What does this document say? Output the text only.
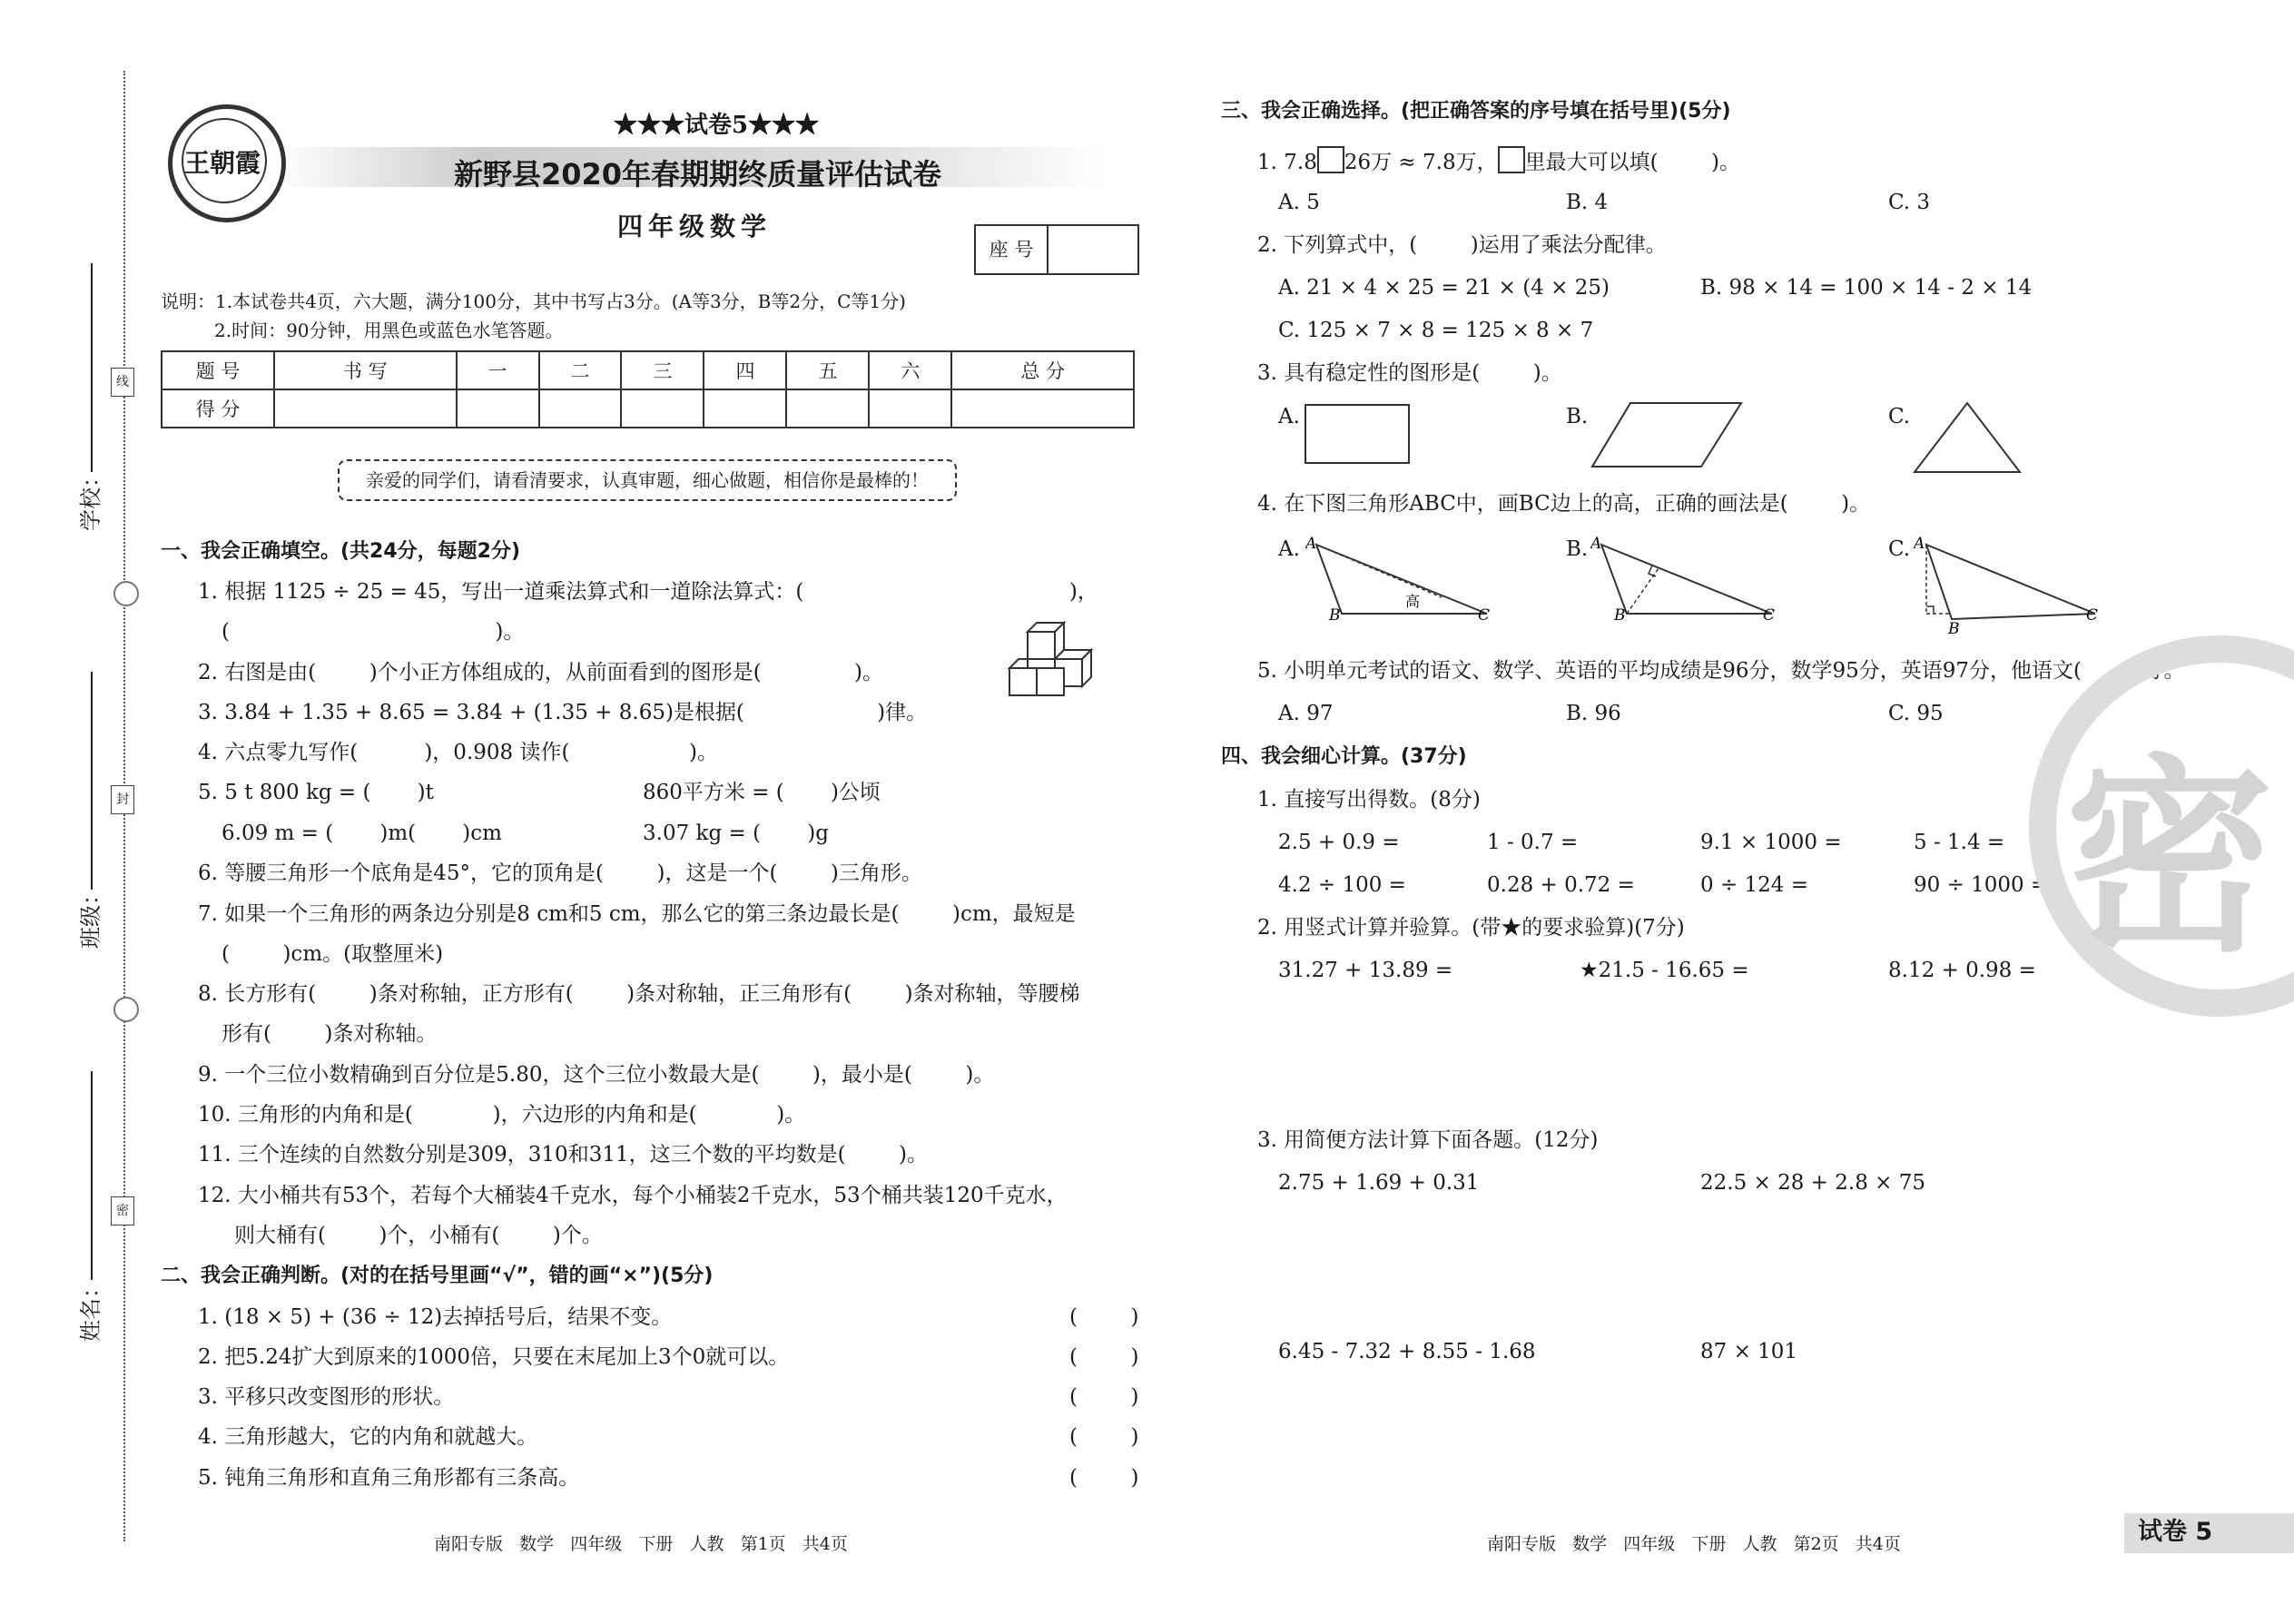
学校：
班级：
姓名：
线
封
密
王朝霞
★★★试卷5★★★
新野县2020年春期期终质量评估试卷
四年级数学
座 号
说明：1.本试卷共4页，六大题，满分100分，其中书写占3分。(A等3分，B等2分，C等1分)
2.时间：90分钟，用黑色或蓝色水笔答题。
题 号	书 写	一	二	三	四	五	六	总 分
得 分								
亲爱的同学们，请看清要求，认真审题，细心做题，相信你是最棒的！
一、我会正确填空。(共24分，每题2分)
1. 根据 1125 ÷ 25 = 45，写出一道乘法算式和一道除法算式：(                                        )，
(                                        )。
2. 右图是由(        )个小正方体组成的，从前面看到的图形是(              )。
3. 3.84 + 1.35 + 8.65 = 3.84 + (1.35 + 8.65)是根据(                    )律。
4. 六点零九写作(          )，0.908 读作(                  )。
5. 5 t 800 kg = (       )t	860平方米 = (       )公顷
6.09 m = (       )m(       )cm	3.07 kg = (       )g
6. 等腰三角形一个底角是45°，它的顶角是(        )，这是一个(        )三角形。
7. 如果一个三角形的两条边分别是8 cm和5 cm，那么它的第三条边最长是(        )cm，最短是
(        )cm。(取整厘米)
8. 长方形有(        )条对称轴，正方形有(        )条对称轴，正三角形有(        )条对称轴，等腰梯
形有(        )条对称轴。
9. 一个三位小数精确到百分位是5.80，这个三位小数最大是(        )，最小是(        )。
10. 三角形的内角和是(            )，六边形的内角和是(            )。
11. 三个连续的自然数分别是309，310和311，这三个数的平均数是(        )。
12. 大小桶共有53个，若每个大桶装4千克水，每个小桶装2千克水，53个桶共装120千克水，
则大桶有(        )个，小桶有(        )个。
二、我会正确判断。(对的在括号里画“√”，错的画“×”)(5分)
1. (18 × 5) + (36 ÷ 12)去掉括号后，结果不变。	(        )
2. 把5.24扩大到原来的1000倍，只要在末尾加上3个0就可以。	(        )
3. 平移只改变图形的形状。	(        )
4. 三角形越大，它的内角和就越大。	(        )
5. 钝角三角形和直角三角形都有三条高。	(        )
三、我会正确选择。(把正确答案的序号填在括号里)(5分)
1. 7.8 26万 ≈ 7.8万， 里最大可以填(        )。
A. 5	B. 4	C. 3
2. 下列算式中，(        )运用了乘法分配律。
A. 21 × 4 × 25 = 21 × (4 × 25)	B. 98 × 14 = 100 × 14 - 2 × 14
C. 125 × 7 × 8 = 125 × 8 × 7
3. 具有稳定性的图形是(        )。
A.	B.	C.
4. 在下图三角形ABC中，画BC边上的高，正确的画法是(        )。
A. A
B	C
高
B. A
B	C
C. A
B
C
5. 小明单元考试的语文、数学、英语的平均成绩是96分，数学95分，英语97分，他语文(        )分。
A. 97	B. 96	C. 95
四、我会细心计算。(37分)
1. 直接写出得数。(8分)
2.5 + 0.9 =	1 - 0.7 =	9.1 × 1000 =	5 - 1.4 =
4.2 ÷ 100 =	0.28 + 0.72 =	0 ÷ 124 =	90 ÷ 1000 =
2. 用竖式计算并验算。(带★的要求验算)(7分)
31.27 + 13.89 =	★21.5 - 16.65 =	8.12 + 0.98 =
3. 用简便方法计算下面各题。(12分)
2.75 + 1.69 + 0.31	22.5 × 28 + 2.8 × 75
6.45 - 7.32 + 8.55 - 1.68	87 × 101
密
南阳专版   数学   四年级   下册   人教   第1页   共4页	南阳专版   数学   四年级   下册   人教   第2页   共4页	试卷 5
